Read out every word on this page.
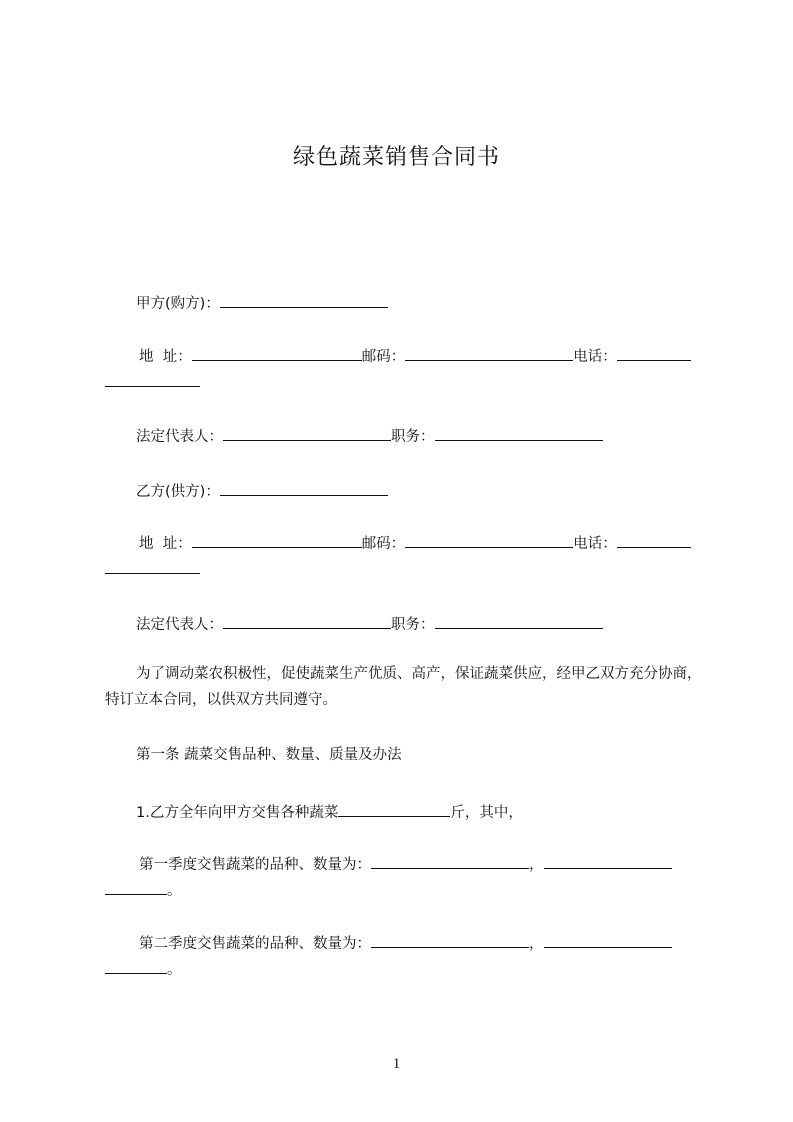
绿色蔬菜销售合同书
甲方(购方)：
地  址：	邮码：	电话：
法定代表人：	职务：
乙方(供方)：
地  址：	邮码：	电话：
法定代表人：	职务：
为了调动菜农积极性，促使蔬菜生产优质、高产，保证蔬菜供应，经甲乙双方充分协商，特订立本合同，以供双方共同遵守。
第一条 蔬菜交售品种、数量、质量及办法
1.乙方全年向甲方交售各种蔬菜	斤，其中，
第一季度交售蔬菜的品种、数量为：	，
。
第二季度交售蔬菜的品种、数量为：	，
。
1
